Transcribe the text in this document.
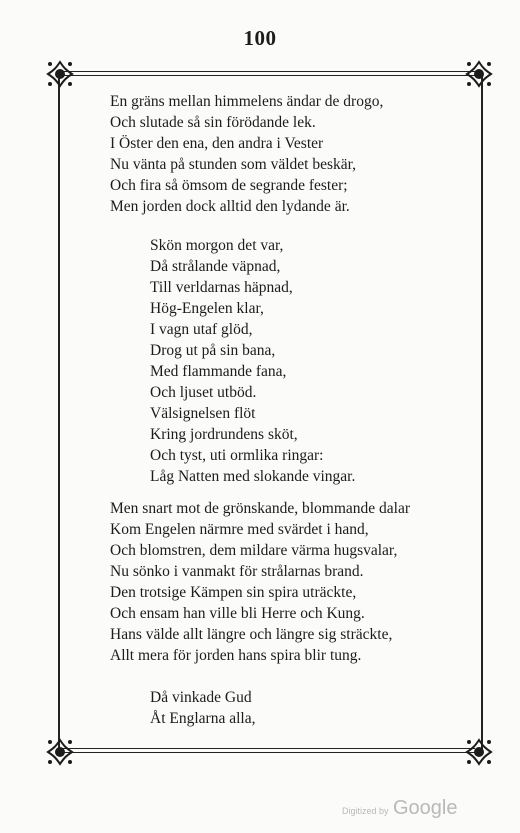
100
En gräns mellan himmelens ändar de drogo,
Och slutade så sin förödande lek.
I Öster den ena, den andra i Vester
Nu vänta på stunden som väldet beskär,
Och fira så ömsom de segrande fester;
Men jorden dock alltid den lydande är.
Skön morgon det var,
Då strålande väpnad,
Till verldarnas häpnad,
Hög-Engelen klar,
I vagn utaf glöd,
Drog ut på sin bana,
Med flammande fana,
Och ljuset utböd.
Välsignelsen flöt
Kring jordrundens sköt,
Och tyst, uti ormlika ringar:
Låg Natten med slokande vingar.
Men snart mot de grönskande, blommande dalar
Kom Engelen närmre med svärdet i hand,
Och blomstren, dem mildare värma hugsvalar,
Nu sönko i vanmakt för strålarnas brand.
Den trotsige Kämpen sin spira uträckte,
Och ensam han ville bli Herre och Kung.
Hans välde allt längre och längre sig sträckte,
Allt mera för jorden hans spira blir tung.
Då vinkade Gud
Åt Englarna alla,
Digitized by Google
